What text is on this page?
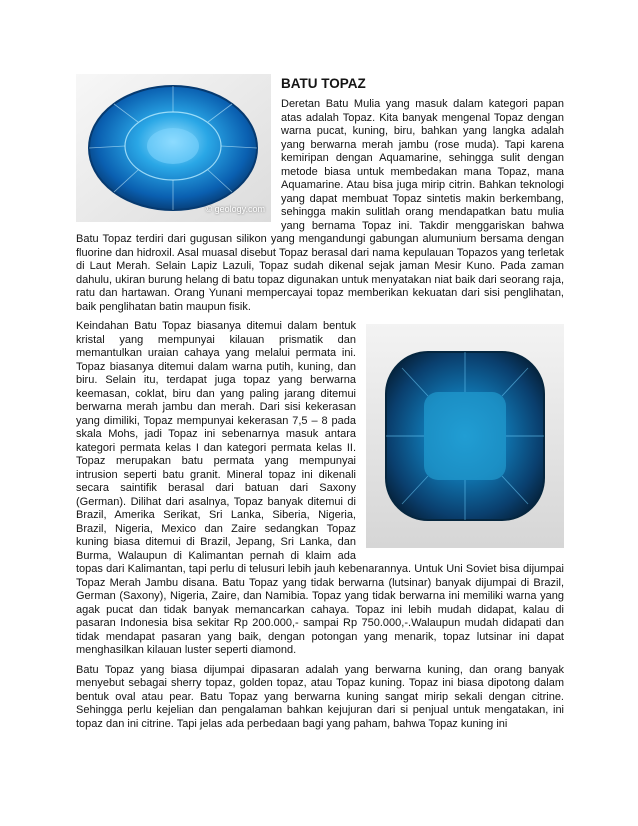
© geology.com
BATU TOPAZ

Deretan Batu Mulia yang masuk dalam kategori papan atas adalah Topaz. Kita banyak mengenal Topaz dengan warna pucat, kuning, biru, bahkan yang langka adalah yang berwarna merah jambu (rose muda). Tapi karena kemiripan dengan Aquamarine, sehingga sulit dengan metode biasa untuk membedakan mana Topaz, mana Aquamarine. Atau bisa juga mirip citrin. Bahkan teknologi yang dapat membuat Topaz sintetis makin berkembang, sehingga makin sulitlah orang mendapatkan batu mulia yang bernama Topaz ini. Takdir menggariskan bahwa Batu Topaz terdiri dari gugusan silikon yang mengandungi gabungan alumunium bersama dengan fluorine dan hidroxil. Asal muasal disebut Topaz berasal dari nama kepulauan Topazos yang terletak di Laut Merah. Selain Lapiz Lazuli, Topaz sudah dikenal sejak jaman Mesir Kuno. Pada zaman dahulu, ukiran burung helang di batu topaz digunakan untuk menyatakan niat baik dari seorang raja, ratu dan hartawan. Orang Yunani mempercayai topaz memberikan kekuatan dari sisi penglihatan, baik penglihatan batin maupun fisik.

Keindahan Batu Topaz biasanya ditemui dalam bentuk kristal yang mempunyai kilauan prismatik dan memantulkan uraian cahaya yang melalui permata ini. Topaz biasanya ditemui dalam warna putih, kuning, dan biru. Selain itu, terdapat juga topaz yang berwarna keemasan, coklat, biru dan yang paling jarang ditemui berwarna merah jambu dan merah. Dari sisi kekerasan yang dimiliki, Topaz mempunyai kekerasan 7,5 – 8 pada skala Mohs, jadi Topaz ini sebenarnya masuk antara kategori permata kelas I dan kategori permata kelas II. Topaz merupakan batu permata yang mempunyai intrusion seperti batu granit. Mineral topaz ini dikenali secara saintifik berasal dari batuan dari Saxony (German). Dilihat dari asalnya, Topaz banyak ditemui di Brazil, Amerika Serikat, Sri Lanka, Siberia, Nigeria, Brazil, Nigeria, Mexico dan Zaire sedangkan Topaz kuning biasa ditemui di Brazil, Jepang, Sri Lanka, dan Burma, Walaupun di Kalimantan pernah di klaim ada topas dari Kalimantan, tapi perlu di telusuri lebih jauh kebenarannya. Untuk Uni Soviet bisa dijumpai Topaz Merah Jambu disana. Batu Topaz yang tidak berwarna (lutsinar) banyak dijumpai di Brazil, German (Saxony), Nigeria, Zaire, dan Namibia. Topaz yang tidak berwarna ini memiliki warna yang agak pucat dan tidak banyak memancarkan cahaya. Topaz ini lebih mudah didapat, kalau di pasaran Indonesia bisa sekitar Rp 200.000,- sampai Rp 750.000,-.Walaupun mudah didapati dan tidak mendapat pasaran yang baik, dengan potongan yang menarik, topaz lutsinar ini dapat menghasilkan kilauan luster seperti diamond.

Batu Topaz yang biasa dijumpai dipasaran adalah yang berwarna kuning, dan orang banyak menyebut sebagai sherry topaz, golden topaz, atau Topaz kuning. Topaz ini biasa dipotong dalam bentuk oval atau pear. Batu Topaz yang berwarna kuning sangat mirip sekali dengan citrine. Sehingga perlu kejelian dan pengalaman bahkan kejujuran dari si penjual untuk mengatakan, ini topaz dan ini citrine. Tapi jelas ada perbedaan bagi yang paham, bahwa Topaz kuning ini
